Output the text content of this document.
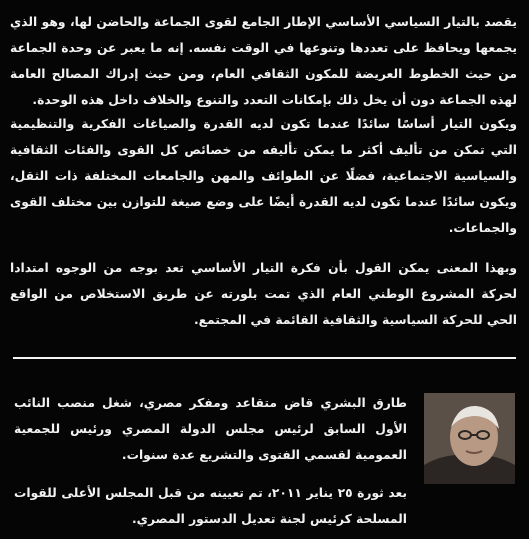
يقصد بالتيار السياسي الأساسي الإطار الجامع لقوى الجماعة والحاضن لها، وهو الذي يجمعها ويحافظ على تعددها وتنوعها في الوقت نفسه. إنه ما يعبر عن وحدة الجماعة من حيث الخطوط العريضة للمكون الثقافي العام، ومن حيث إدراك المصالح العامة لهذه الجماعة دون أن يخل ذلك بإمكانات التعدد والتنوع والخلاف داخل هذه الوحدة.

ويكون التيار أساسًا سائدًا عندما تكون لديه القدرة والصياغات الفكرية والتنظيمية التي تمكن من تأليف أكثر ما يمكن تأليفه من خصائص كل القوى والفئات الثقافية والسياسية الاجتماعية، فضلًا عن الطوائف والمهن والجامعات المختلفة ذات الثقل، ويكون سائدًا عندما تكون لديه القدرة أيضًا على وضع صيغة للتوازن بين مختلف القوى والجماعات.

وبهذا المعنى يمكن القول بأن فكرة التيار الأساسي تعد بوجه من الوجوه امتدادا لحركة المشروع الوطني العام الذي تمت بلورته عن طريق الاستخلاص من الواقع الحي للحركة السياسية والثقافية القائمة في المجتمع.

طارق البشري قاض متقاعد ومفكر مصري، شغل منصب النائب الأول السابق لرئيس مجلس الدولة المصري ورئيس للجمعية العمومية لقسمي الفتوى والتشريع عدة سنوات.

بعد ثورة ٢٥ يناير ٢٠١١، تم تعيينه من قبل المجلس الأعلى للقوات المسلحة كرئيس لجنة تعديل الدستور المصري.
